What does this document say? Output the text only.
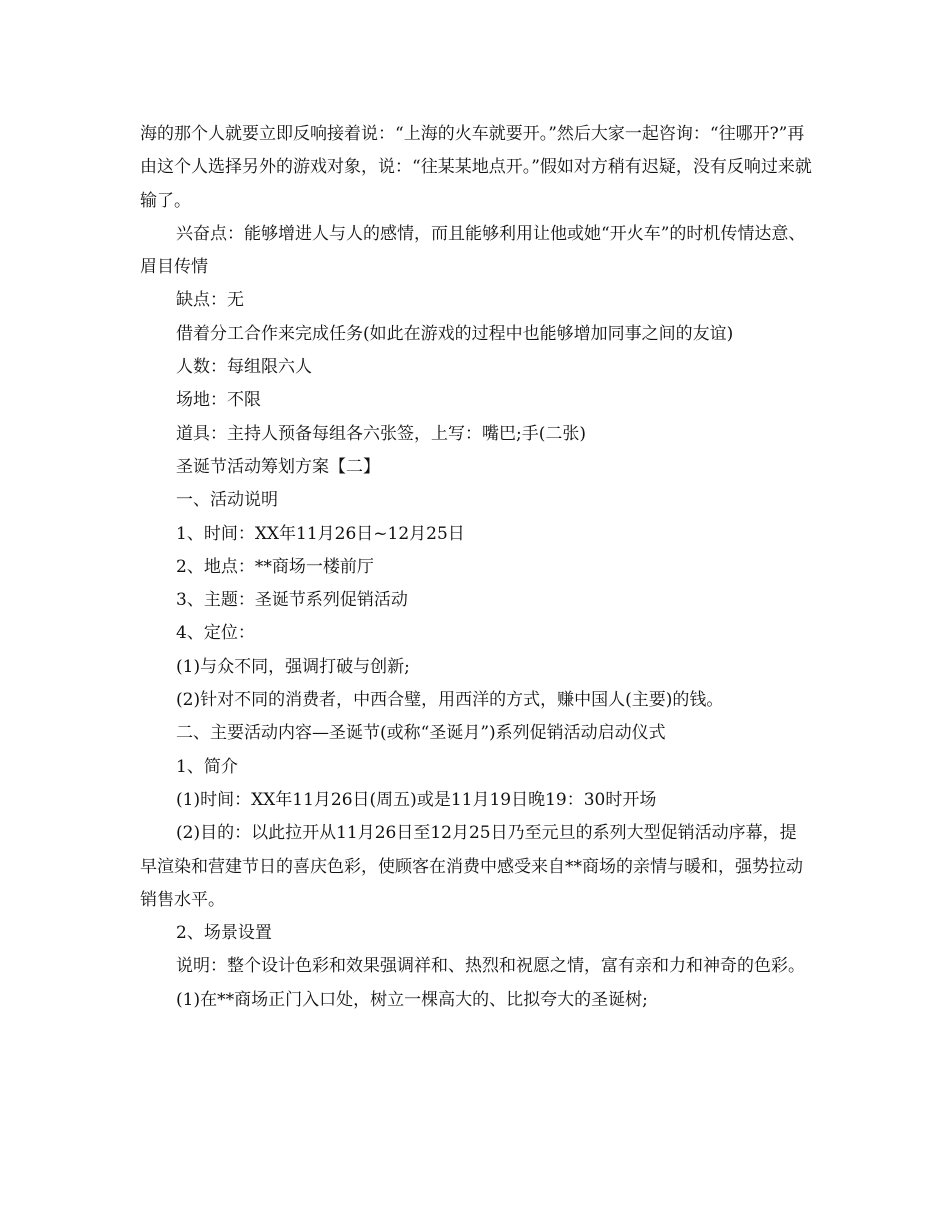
海的那个人就要立即反响接着说：“上海的火车就要开。”然后大家一起咨询：“往哪开?”再由这个人选择另外的游戏对象，说：“往某某地点开。”假如对方稍有迟疑，没有反响过来就输了。

兴奋点：能够增进人与人的感情，而且能够利用让他或她“开火车”的时机传情达意、眉目传情

缺点：无

借着分工合作来完成任务(如此在游戏的过程中也能够增加同事之间的友谊)

人数：每组限六人

场地：不限

道具：主持人预备每组各六张签，上写：嘴巴;手(二张)

圣诞节活动筹划方案【二】

一、活动说明

1、时间：XX年11月26日~12月25日

2、地点：**商场一楼前厅

3、主题：圣诞节系列促销活动

4、定位：

(1)与众不同，强调打破与创新;

(2)针对不同的消费者，中西合璧，用西洋的方式，赚中国人(主要)的钱。

二、主要活动内容—圣诞节(或称“圣诞月”)系列促销活动启动仪式

1、简介

(1)时间：XX年11月26日(周五)或是11月19日晚19：30时开场

(2)目的：以此拉开从11月26日至12月25日乃至元旦的系列大型促销活动序幕，提早渲染和营建节日的喜庆色彩，使顾客在消费中感受来自**商场的亲情与暖和，强势拉动销售水平。

2、场景设置

说明：整个设计色彩和效果强调祥和、热烈和祝愿之情，富有亲和力和神奇的色彩。

(1)在**商场正门入口处，树立一棵高大的、比拟夸大的圣诞树;
